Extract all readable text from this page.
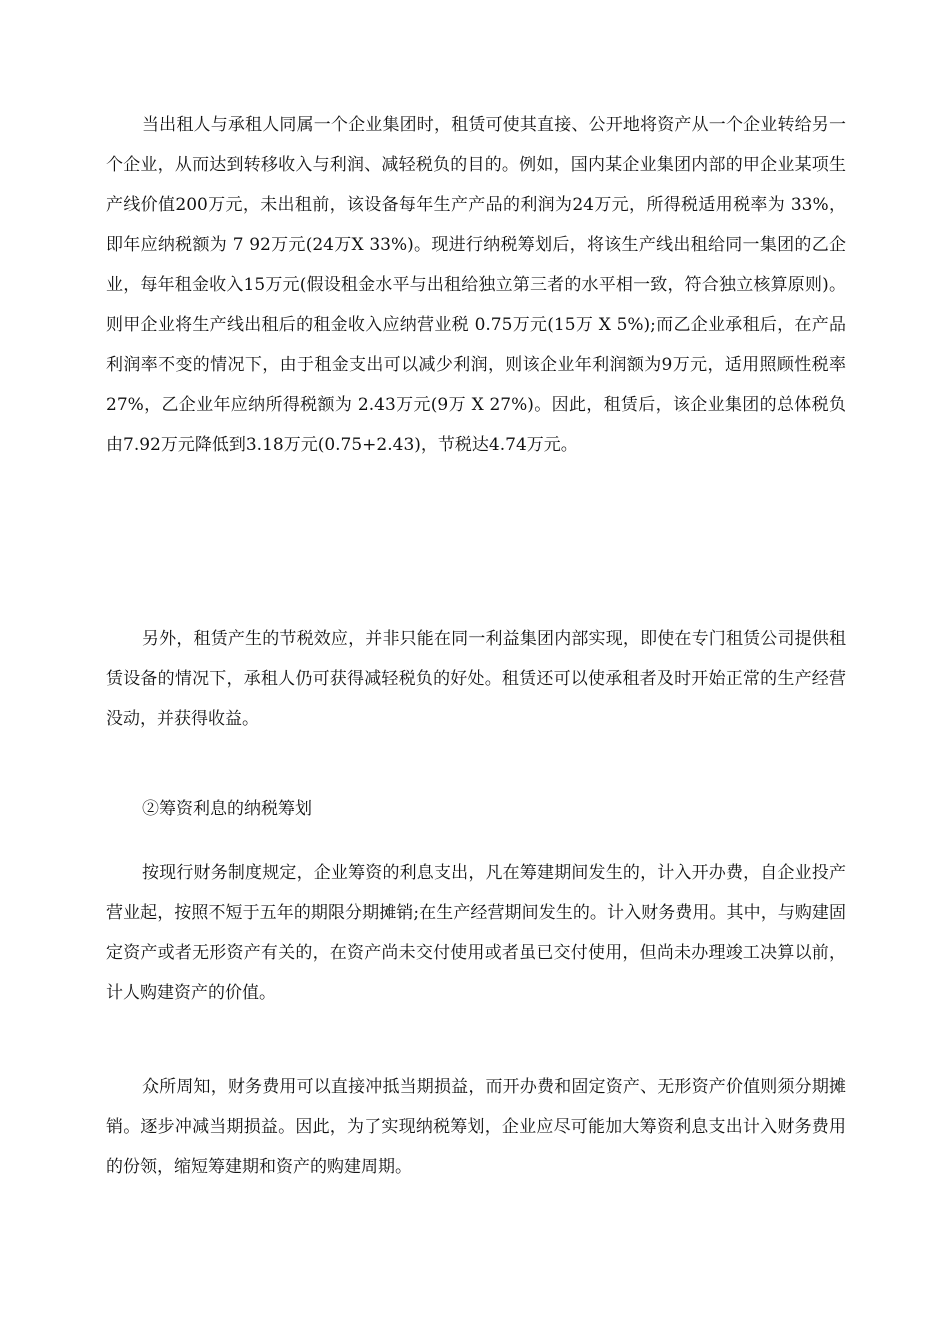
当出租人与承租人同属一个企业集团时，租赁可使其直接、公开地将资产从一个企业转给另一个企业，从而达到转移收入与利润、减轻税负的目的。例如，国内某企业集团内部的甲企业某项生产线价值200万元，未出租前，该设备每年生产产品的利润为24万元，所得税适用税率为 33%，即年应纳税额为 7 92万元(24万X 33%)。现进行纳税筹划后，将该生产线出租给同一集团的乙企业，每年租金收入15万元(假设租金水平与出租给独立第三者的水平相一致，符合独立核算原则)。则甲企业将生产线出租后的租金收入应纳营业税 0.75万元(15万 X 5%);而乙企业承租后，在产品利润率不变的情况下，由于租金支出可以减少利润，则该企业年利润额为9万元，适用照顾性税率27%，乙企业年应纳所得税额为 2.43万元(9万 X 27%)。因此，租赁后，该企业集团的总体税负由7.92万元降低到3.18万元(0.75+2.43)，节税达4.74万元。

另外，租赁产生的节税效应，并非只能在同一利益集团内部实现，即使在专门租赁公司提供租赁设备的情况下，承租人仍可获得减轻税负的好处。租赁还可以使承租者及时开始正常的生产经营没动，并获得收益。

②筹资利息的纳税筹划

按现行财务制度规定，企业筹资的利息支出，凡在筹建期间发生的，计入开办费，自企业投产营业起，按照不短于五年的期限分期摊销;在生产经营期间发生的。计入财务费用。其中，与购建固定资产或者无形资产有关的，在资产尚未交付使用或者虽已交付使用，但尚未办理竣工决算以前，计人购建资产的价值。

众所周知，财务费用可以直接冲抵当期损益，而开办费和固定资产、无形资产价值则须分期摊销。逐步冲减当期损益。因此，为了实现纳税筹划，企业应尽可能加大筹资利息支出计入财务费用的份领，缩短筹建期和资产的购建周期。
